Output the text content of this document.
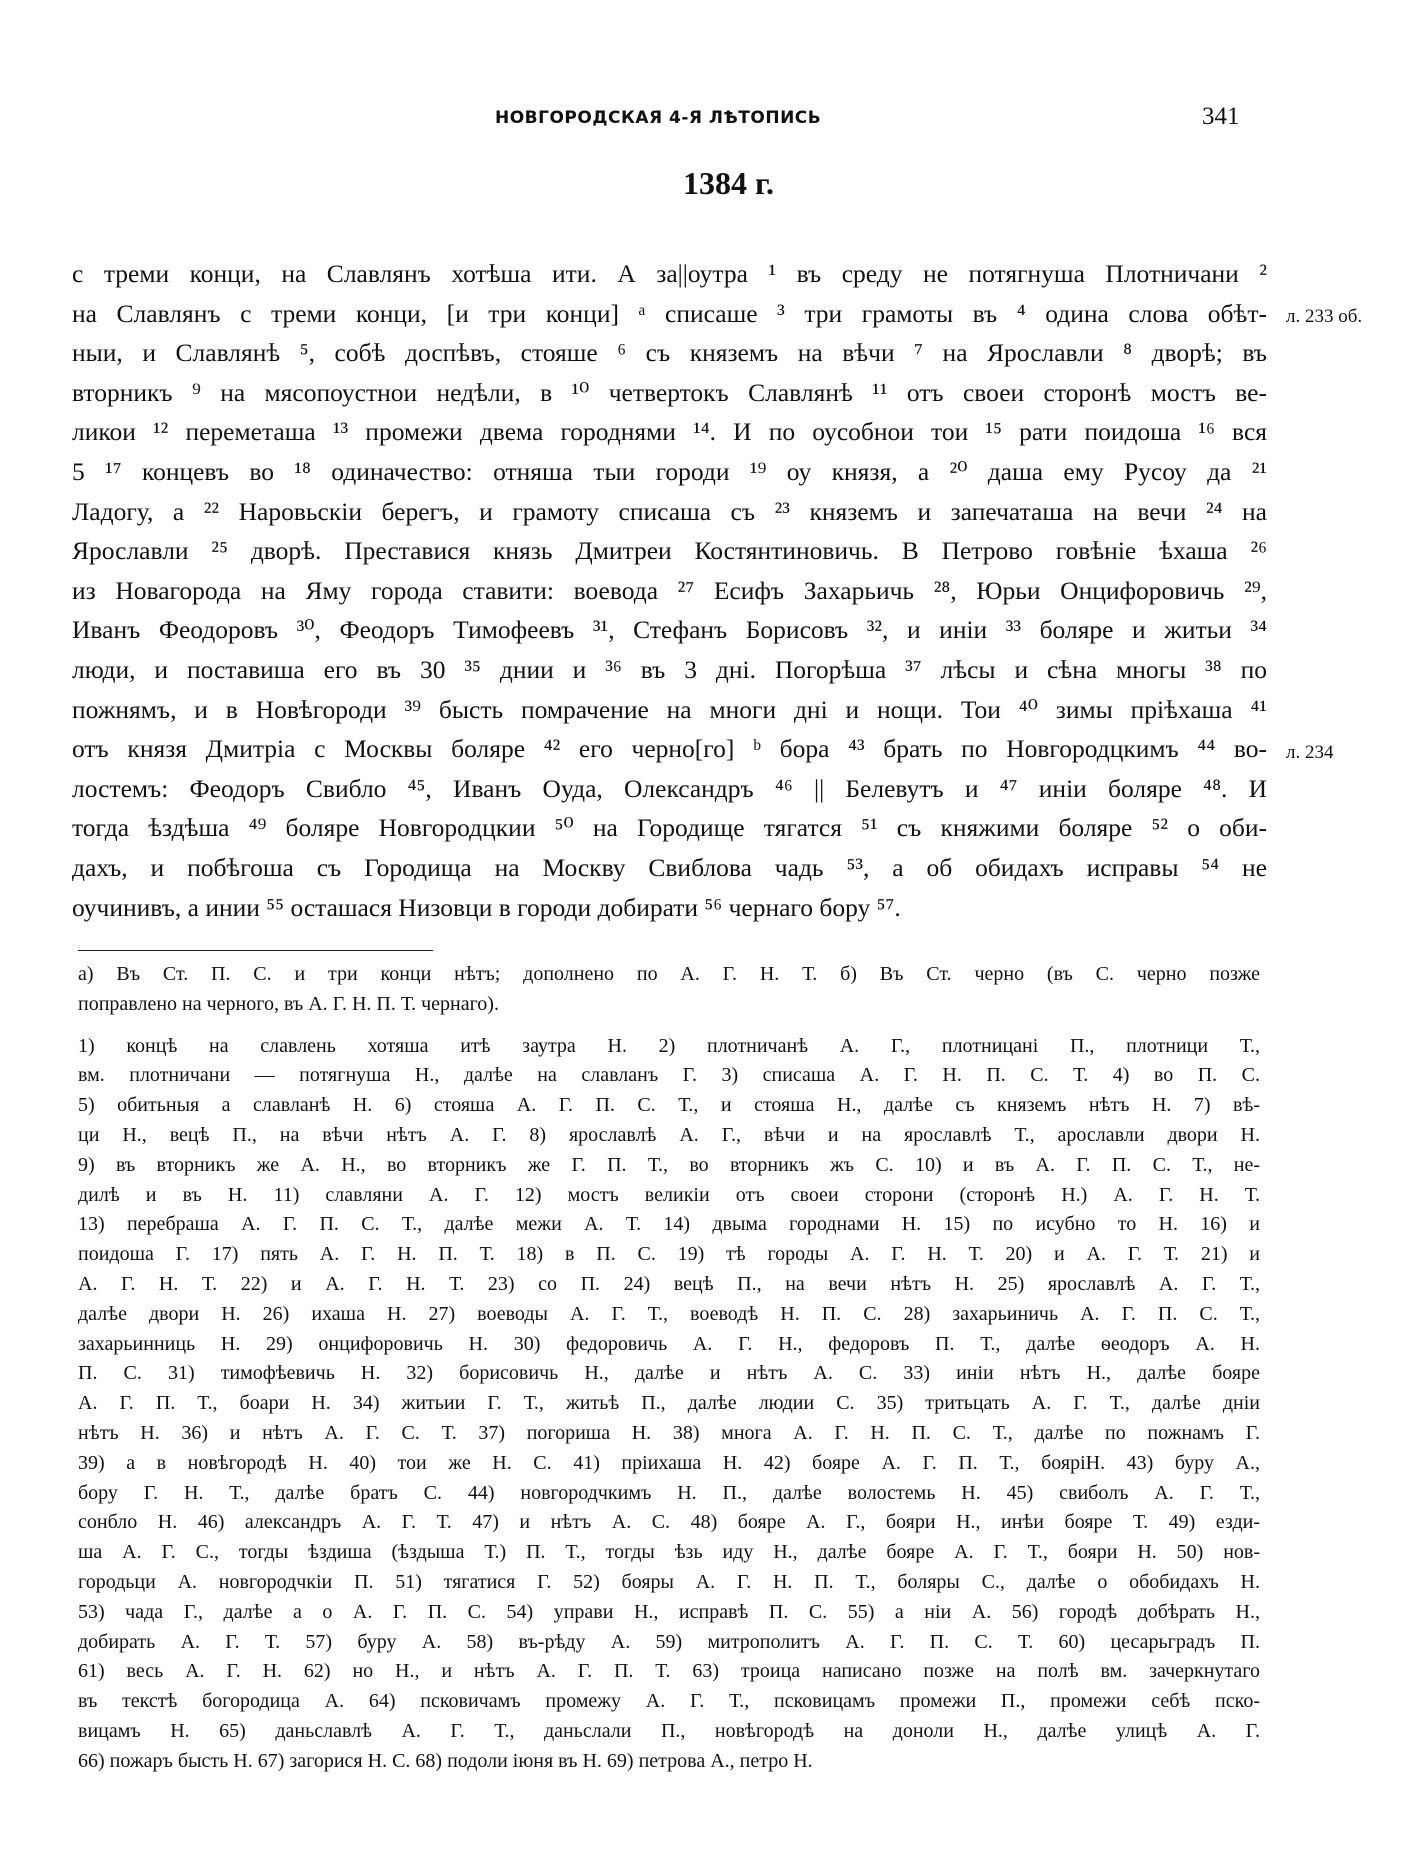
НОВГОРОДСКАЯ 4-Я ЛѢТОПИСЬ	341
1384 г.
с треми конци, на Славлянъ хотѣша ити. А за||оутра ¹ въ среду не потягнуша Плотничани ²
на Славлянъ с треми конци, [и три конци] ᵃ списаше ³ три грамоты въ ⁴ одина слова обѣт-
ныи, и Славлянѣ ⁵, собѣ доспѣвъ, стояше ⁶ съ княземъ на вѣчи ⁷ на Ярославли ⁸ дворѣ; въ
вторникъ ⁹ на мясопоустнои недѣли, в ¹⁰ четвертокъ Славлянѣ ¹¹ отъ своеи сторонѣ мостъ ве-
ликои ¹² переметаша ¹³ промежи двема городнями ¹⁴. И по оусобнои тои ¹⁵ рати поидоша ¹⁶ вся
5 ¹⁷ концевъ во ¹⁸ одиначество: отняша тыи городи ¹⁹ оу князя, а ²⁰ даша ему Русоу да ²¹
Ладогу, а ²² Наровьскіи берегъ, и грамоту списаша съ ²³ княземъ и запечаташа на вечи ²⁴ на
Ярославли ²⁵ дворѣ. Преставися князь Дмитреи Костянтиновичь. В Петрово говѣніе ѣхаша ²⁶
из Новагорода на Яму города ставити: воевода ²⁷ Есифъ Захарьичь ²⁸, Юрьи Онцифоровичь ²⁹,
Иванъ Феодоровъ ³⁰, Феодоръ Тимофеевъ ³¹, Стефанъ Борисовъ ³², и иніи ³³ боляре и житьи ³⁴
люди, и поставиша его въ 30 ³⁵ днии и ³⁶ въ 3 дні. Погорѣша ³⁷ лѣсы и сѣна многы ³⁸ по
пожнямъ, и в Новѣгороди ³⁹ бысть помрачение на многи дні и нощи. Тои ⁴⁰ зимы пріѣхаша ⁴¹
отъ князя Дмитріа с Москвы боляре ⁴² его черно[го] ᵇ бора ⁴³ брать по Новгородцкимъ ⁴⁴ во-
лостемъ: Феодоръ Свибло ⁴⁵, Иванъ Оуда, Олександръ ⁴⁶ || Белевутъ и ⁴⁷ иніи боляре ⁴⁸. И
тогда ѣздѣша ⁴⁹ боляре Новгородцкии ⁵⁰ на Городище тягатся ⁵¹ съ княжими боляре ⁵² о оби-
дахъ, и побѣгоша съ Городища на Москву Свиблова чадь ⁵³, а об обидахъ исправы ⁵⁴ не
оучинивъ, а инии ⁵⁵ осташася Низовци в городи добирати ⁵⁶ чернаго бору ⁵⁷.
л. 233 об.
л. 234
а) Въ Ст. П. С. и три конци нѣтъ; дополнено по А. Г. Н. Т. б) Въ Ст. черно (въ С. черно позже
поправлено на черного, въ А. Г. Н. П. Т. чернаго).
1) концѣ на славлень хотяша итѣ заутра Н. 2) плотничанѣ А. Г., плотницані П., плотници Т.,
вм. плотничани — потягнуша Н., далѣе на славланъ Г. 3) списаша А. Г. Н. П. С. Т. 4) во П. С.
5) обитьныя а славланѣ Н. 6) стояша А. Г. П. С. Т., и стояша Н., далѣе съ княземъ нѣтъ Н. 7) вѣ-
ци Н., вецѣ П., на вѣчи нѣтъ А. Г. 8) ярославлѣ А. Г., вѣчи и на ярославлѣ Т., арославли двори Н.
9) въ вторникъ же А. Н., во вторникъ же Г. П. Т., во вторникъ жъ С. 10) и въ А. Г. П. С. Т., не-
дилѣ и въ Н. 11) славляни А. Г. 12) мостъ великіи отъ своеи сторони (сторонѣ Н.) А. Г. Н. Т.
13) перебраша А. Г. П. С. Т., далѣе межи А. Т. 14) двыма городнами Н. 15) по исубно то Н. 16) и
поидоша Г. 17) пять А. Г. Н. П. Т. 18) в П. С. 19) тѣ городы А. Г. Н. Т. 20) и А. Г. Т. 21) и
А. Г. Н. Т. 22) и А. Г. Н. Т. 23) со П. 24) вецѣ П., на вечи нѣтъ Н. 25) ярославлѣ А. Г. Т.,
далѣе двори Н. 26) ихаша Н. 27) воеводы А. Г. Т., воеводѣ Н. П. С. 28) захарьиничь А. Г. П. С. Т.,
захарьинниць Н. 29) онцифоровичь Н. 30) федоровичь А. Г. Н., федоровъ П. Т., далѣе ѳеодоръ А. Н.
П. С. 31) тимофѣевичь Н. 32) борисовичь Н., далѣе и нѣтъ А. С. 33) иніи нѣтъ Н., далѣе бояре
А. Г. П. Т., боари Н. 34) житьии Г. Т., житьѣ П., далѣе людии С. 35) тритьцать А. Г. Т., далѣе днiи
нѣтъ Н. 36) и нѣтъ А. Г. С. Т. 37) погориша Н. 38) многа А. Г. Н. П. С. Т., далѣе по пожнамъ Г.
39) а в новѣгородѣ Н. 40) тои же Н. С. 41) пріихаша Н. 42) бояре А. Г. П. Т., бояріН. 43) буру А.,
бору Г. Н. Т., далѣе братъ С. 44) новгородчкимъ Н. П., далѣе волостемь Н. 45) свиболъ А. Г. Т.,
сонбло Н. 46) александръ А. Г. Т. 47) и нѣтъ А. С. 48) бояре А. Г., бояри Н., инѣи бояре Т. 49) езди-
ша А. Г. С., тогды ѣздиша (ѣздыша Т.) П. Т., тогды ѣзь иду Н., далѣе бояре А. Г. Т., бояри Н. 50) нов-
городьци А. новгородчкіи П. 51) тягатися Г. 52) бояры А. Г. Н. П. Т., боляры С., далѣе о обобидахъ Н.
53) чада Г., далѣе а о А. Г. П. С. 54) управи Н., исправѣ П. С. 55) а ніи А. 56) городѣ добѣрать Н.,
добирать А. Г. Т. 57) буру А. 58) въ-рѣду А. 59) митрополитъ А. Г. П. С. Т. 60) цесарьградъ П.
61) весь А. Г. Н. 62) но Н., и нѣтъ А. Г. П. Т. 63) троица написано позже на полѣ вм. зачеркнутаго
въ текстѣ богородица А. 64) псковичамъ промежу А. Г. Т., псковицамъ промежи П., промежи себѣ пско-
вицамъ Н. 65) даньславлѣ А. Г. Т., даньслали П., новѣгородѣ на доноли Н., далѣе улицѣ А. Г.
66) пожаръ бысть Н. 67) загорися Н. С. 68) подоли іюня въ Н. 69) петрова А., петро Н.
